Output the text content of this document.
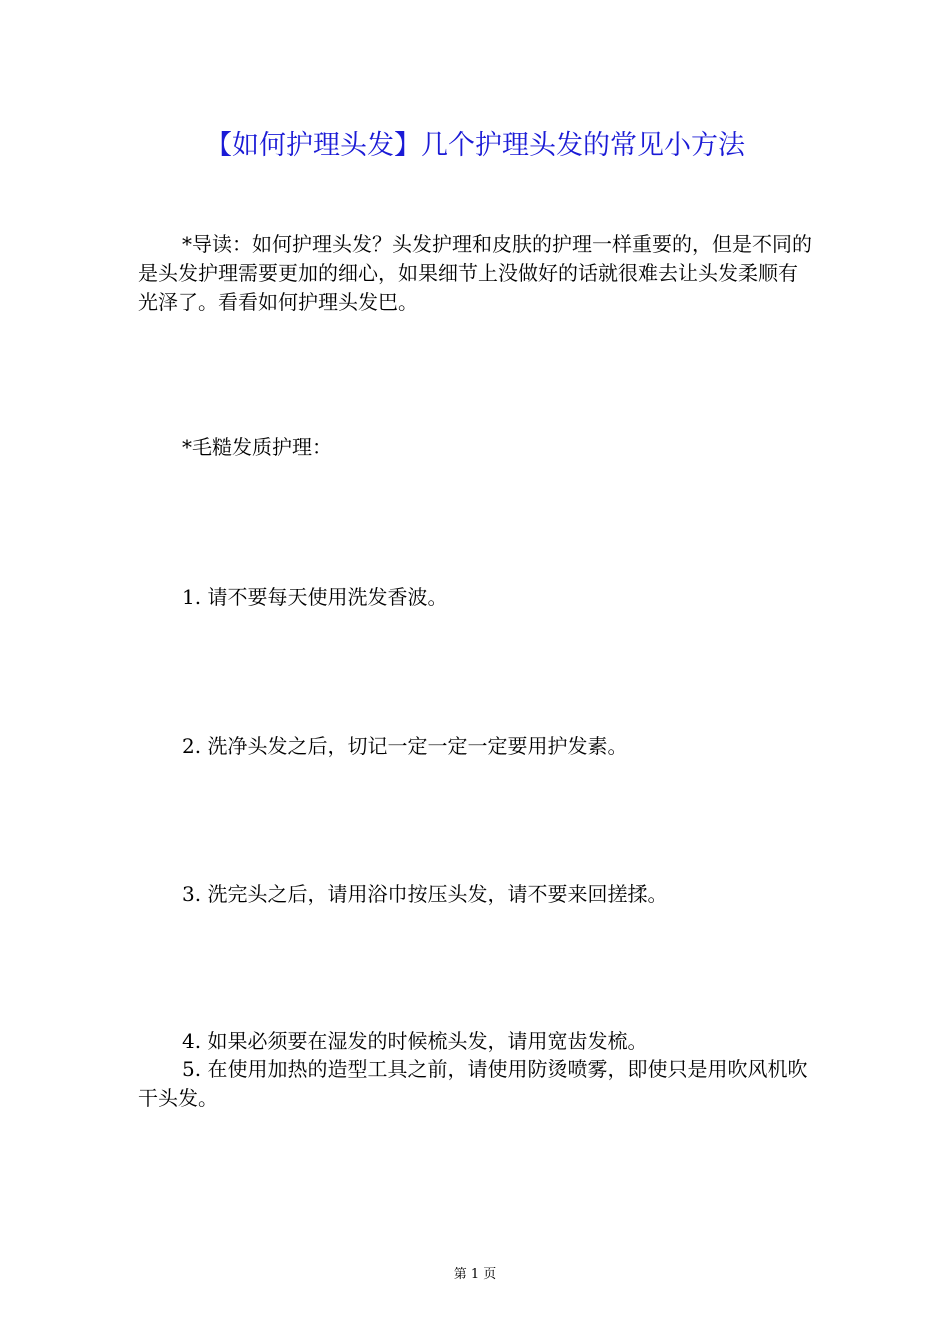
【如何护理头发】几个护理头发的常见小方法

*导读：如何护理头发？头发护理和皮肤的护理一样重要的，但是不同的是头发护理需要更加的细心，如果细节上没做好的话就很难去让头发柔顺有光泽了。看看如何护理头发巴。

*毛糙发质护理：

1. 请不要每天使用洗发香波。

2. 洗净头发之后，切记一定一定一定要用护发素。

3. 洗完头之后，请用浴巾按压头发，请不要来回搓揉。

4. 如果必须要在湿发的时候梳头发，请用宽齿发梳。

5. 在使用加热的造型工具之前，请使用防烫喷雾，即使只是用吹风机吹干头发。

第 1 页
